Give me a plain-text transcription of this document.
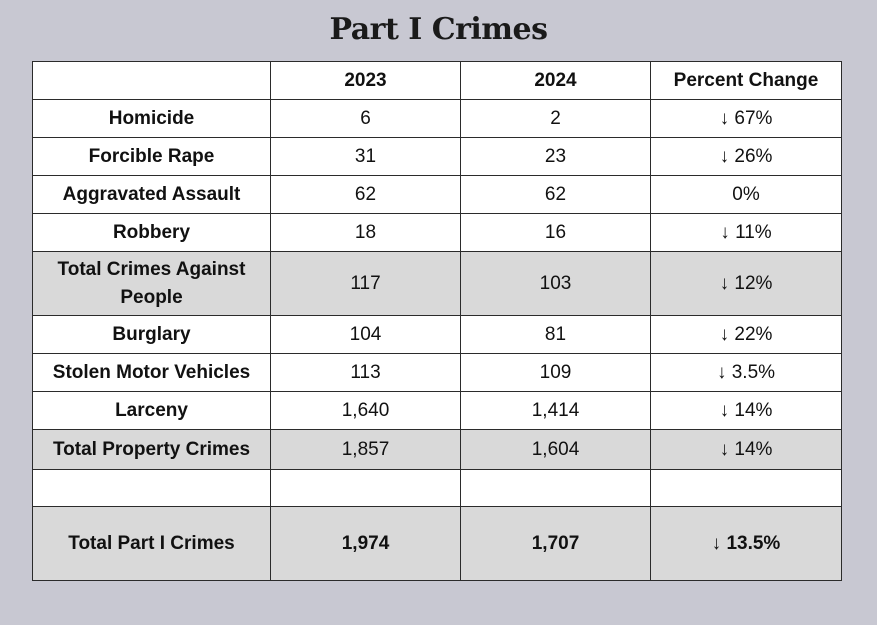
Part I Crimes
	2023	2024	Percent Change
Homicide	6	2	↓ 67%
Forcible Rape	31	23	↓ 26%
Aggravated Assault	62	62	0%
Robbery	18	16	↓ 11%
Total Crimes Against People	117	103	↓ 12%
Burglary	104	81	↓ 22%
Stolen Motor Vehicles	113	109	↓ 3.5%
Larceny	1,640	1,414	↓ 14%
Total Property Crimes	1,857	1,604	↓ 14%

Total Part I Crimes	1,974	1,707	↓ 13.5%
